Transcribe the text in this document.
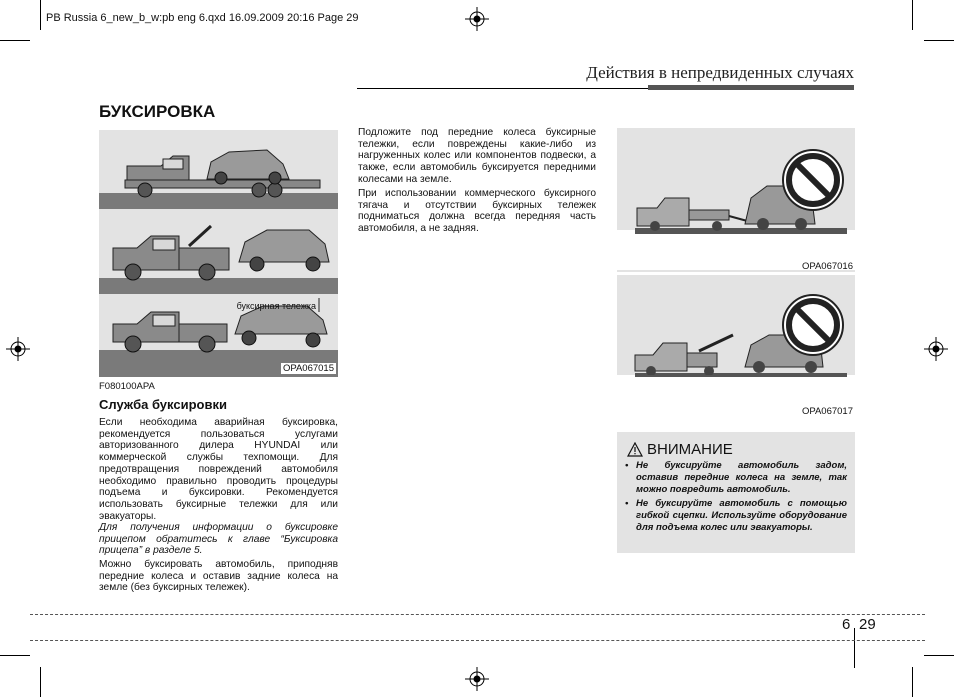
PB Russia 6_new_b_w:pb eng 6.qxd 16.09.2009 20:16 Page 29
Действия в непредвиденных случаях
БУКСИРОВКА
буксирная тележка
OPA067015
F080100APA
Служба буксировки
Если необходима аварийная буксировка, рекомендуется пользоваться услугами авторизованного дилера HYUNDAI или коммерческой службы техпомощи. Для предотвращения повреждений автомобиля необходимо правильно проводить процедуры подъема и буксировки. Рекомендуется использовать буксирные тележки для или эвакуаторы.
Для получения информации о буксировке прицепом обратитесь к главе “Буксировка прицепа” в разделе 5.
Можно буксировать автомобиль, приподняв передние колеса и оставив задние колеса на земле (без буксирных тележек).
Подложите под передние колеса буксирные тележки, если повреждены какие-либо из нагруженных колес или компонентов подвески, а также, если автомобиль буксируется передними колесами на земле.
При использовании коммерческого буксирного тягача и отсутствии буксирных тележек подниматься должна всегда передняя часть автомобиля, а не задняя.
OPA067016
OPA067017
ВНИМАНИЕ
• Не буксируйте автомобиль задом, оставив передние колеса на земле, так можно повредить автомобиль.
• Не буксируйте автомобиль с помощью гибкой сцепки. Используйте оборудование для подъема колес или эвакуаторы.
6 29
